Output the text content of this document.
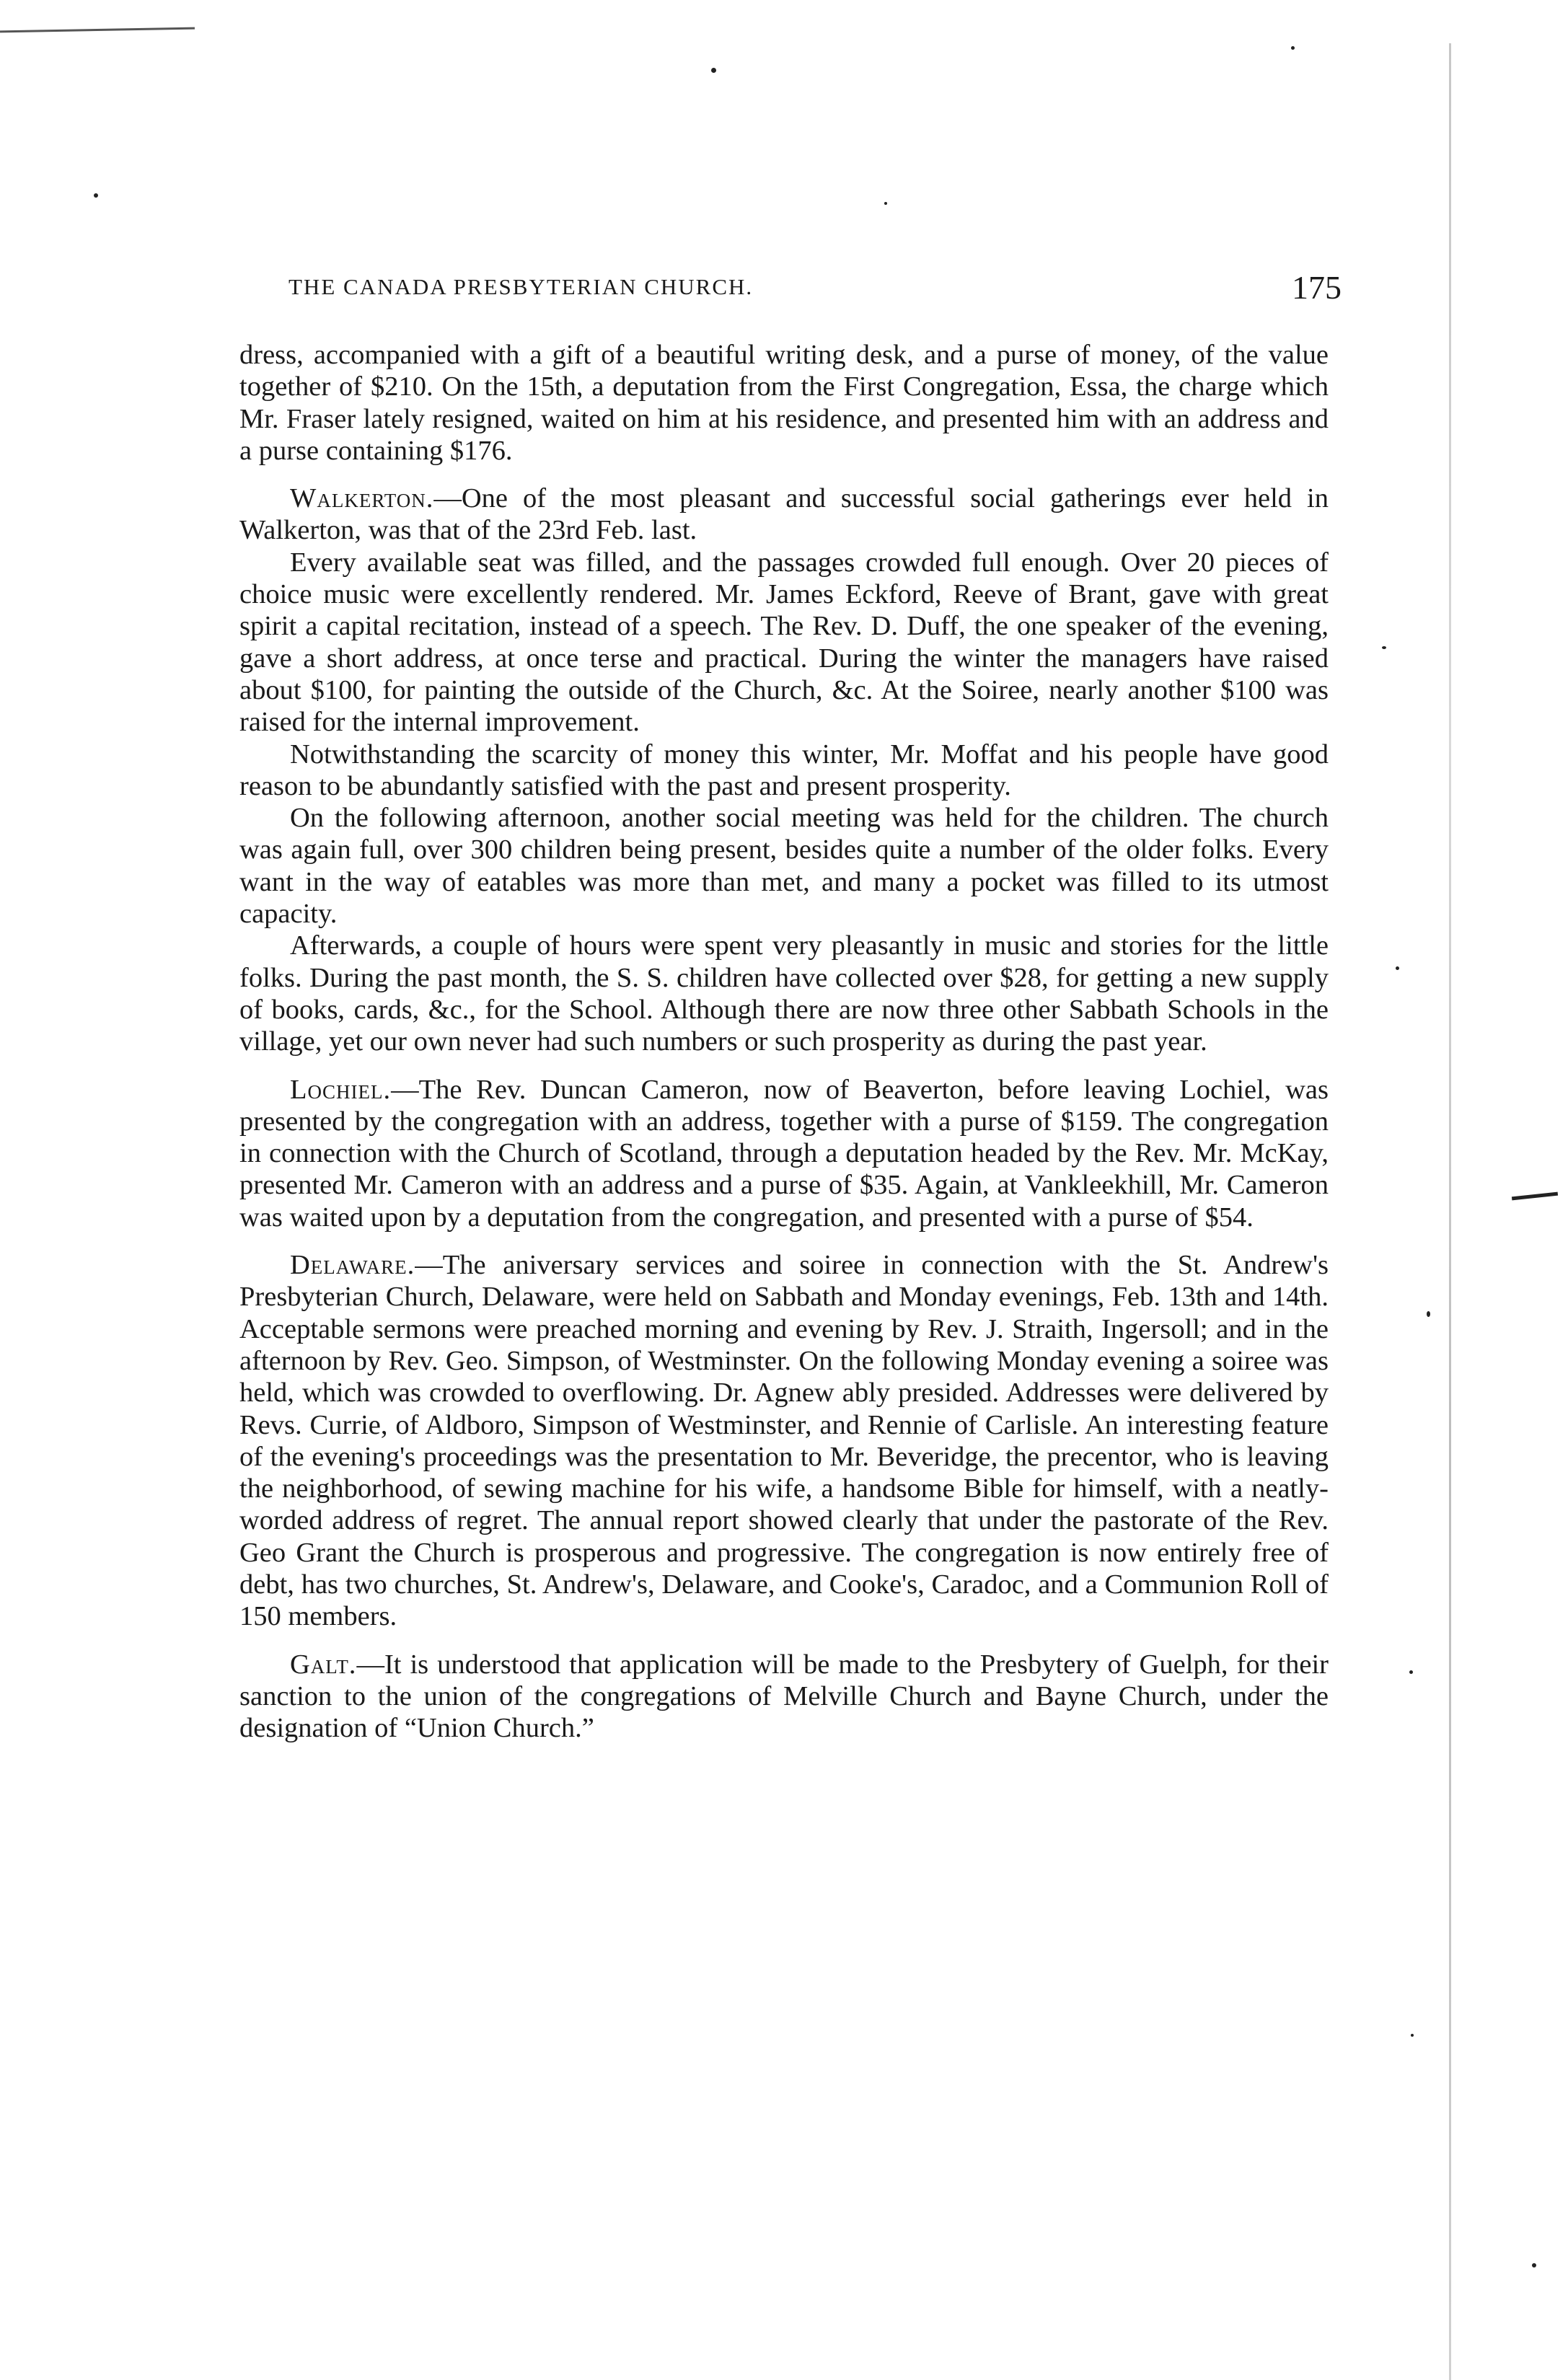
THE CANADA PRESBYTERIAN CHURCH.	175

dress, accompanied with a gift of a beautiful writing desk, and a purse of money, of the value together of $210. On the 15th, a deputation from the First Congregation, Essa, the charge which Mr. Fraser lately resigned, waited on him at his residence, and presented him with an address and a purse containing $176.

Walkerton.—One of the most pleasant and successful social gatherings ever held in Walkerton, was that of the 23rd Feb. last.

Every available seat was filled, and the passages crowded full enough. Over 20 pieces of choice music were excellently rendered. Mr. James Eckford, Reeve of Brant, gave with great spirit a capital recitation, instead of a speech. The Rev. D. Duff, the one speaker of the evening, gave a short address, at once terse and practical. During the winter the managers have raised about $100, for painting the outside of the Church, &c. At the Soiree, nearly another $100 was raised for the internal improvement.

Notwithstanding the scarcity of money this winter, Mr. Moffat and his people have good reason to be abundantly satisfied with the past and present prosperity.

On the following afternoon, another social meeting was held for the children. The church was again full, over 300 children being present, besides quite a number of the older folks. Every want in the way of eatables was more than met, and many a pocket was filled to its utmost capacity.

Afterwards, a couple of hours were spent very pleasantly in music and stories for the little folks. During the past month, the S. S. children have collected over $28, for getting a new supply of books, cards, &c., for the School. Although there are now three other Sabbath Schools in the village, yet our own never had such numbers or such prosperity as during the past year.

Lochiel.—The Rev. Duncan Cameron, now of Beaverton, before leaving Lochiel, was presented by the congregation with an address, together with a purse of $159. The congregation in connection with the Church of Scotland, through a deputation headed by the Rev. Mr. McKay, presented Mr. Cameron with an address and a purse of $35. Again, at Vankleekhill, Mr. Cameron was waited upon by a deputation from the congregation, and presented with a purse of $54.

Delaware.—The aniversary services and soiree in connection with the St. Andrew's Presbyterian Church, Delaware, were held on Sabbath and Monday evenings, Feb. 13th and 14th. Acceptable sermons were preached morning and evening by Rev. J. Straith, Ingersoll; and in the afternoon by Rev. Geo. Simpson, of Westminster. On the following Monday evening a soiree was held, which was crowded to overflowing. Dr. Agnew ably presided. Addresses were delivered by Revs. Currie, of Aldboro, Simpson of Westminster, and Rennie of Carlisle. An interesting feature of the evening's proceedings was the presentation to Mr. Beveridge, the precentor, who is leaving the neighborhood, of sewing machine for his wife, a handsome Bible for himself, with a neatly-worded address of regret. The annual report showed clearly that under the pastorate of the Rev. Geo Grant the Church is prosperous and progressive. The congregation is now entirely free of debt, has two churches, St. Andrew's, Delaware, and Cooke's, Caradoc, and a Communion Roll of 150 members.

Galt.—It is understood that application will be made to the Presbytery of Guelph, for their sanction to the union of the congregations of Melville Church and Bayne Church, under the designation of “Union Church.”
